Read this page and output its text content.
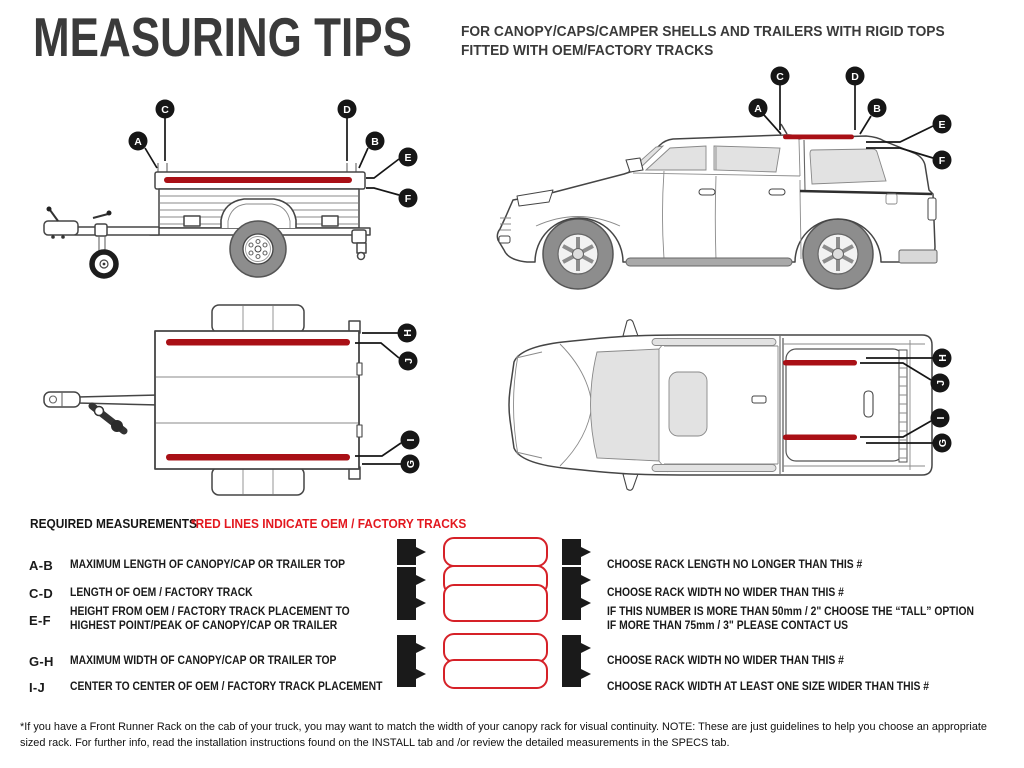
MEASURING TIPS	FOR CANOPY/CAPS/CAMPER SHELLS AND TRAILERS WITH RIGID TOPS
FITTED WITH OEM/FACTORY TRACKS
C	D
A	B
E
F
C	D
A	B
E
F
H
J
I
G
H
J
I
G
REQUIRED MEASUREMENTS
*RED LINES INDICATE OEM / FACTORY TRACKS
A-B MAXIMUM LENGTH OF CANOPY/CAP OR TRAILER TOP	CHOOSE RACK LENGTH NO LONGER THAN THIS #
C-D LENGTH OF OEM / FACTORY TRACK	CHOOSE RACK WIDTH NO WIDER THAN THIS #
E-F
HEIGHT FROM OEM / FACTORY TRACK PLACEMENT TO
HIGHEST POINT/PEAK OF CANOPY/CAP OR TRAILER
IF THIS NUMBER IS MORE THAN 50mm / 2" CHOOSE THE “TALL” OPTION
IF MORE THAN 75mm / 3" PLEASE CONTACT US
G-H MAXIMUM WIDTH OF CANOPY/CAP OR TRAILER TOP	CHOOSE RACK WIDTH NO WIDER THAN THIS #
I-J CENTER TO CENTER OF OEM / FACTORY TRACK PLACEMENT	CHOOSE RACK WIDTH AT LEAST ONE SIZE WIDER THAN THIS #
*If you have a Front Runner Rack on the cab of your truck, you may want to match the width of your canopy rack for visual continuity. NOTE: These are just guidelines to help you choose an appropriate
sized rack. For further info, read the installation instructions found on the INSTALL tab and /or review the detailed measurements in the SPECS tab.
